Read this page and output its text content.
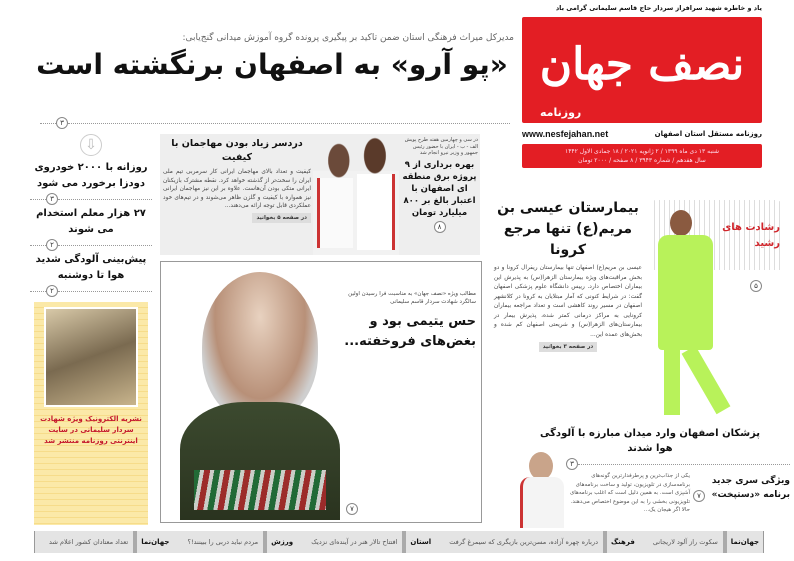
یاد و خاطره شهید سرافراز سردار حاج قاسم سلیمانی گرامی باد
نصف جهان
روزنامه
روزنامه مستقل استان اصفهان
www.nesfejahan.net
شنبه ۱۳ دی ماه ۱۳۹۹ / ۲ ژانویه ۲۰۲۱ / ۱۸ جمادی الاول ۱۴۴۲
سال هفدهم / شماره ۳۹۴۳ / ۸ صفحه / ۲۰۰۰ تومان
مدیرکل میراث فرهنگی استان ضمن تاکید بر پیگیری پرونده گروه آموزش میدانی گنج‌یابی:
«پو آرو» به اصفهان برنگشته است
۳
⇩
روزانه با ۲۰۰۰ خودروی دودزا برخورد می شود
۳
۲۷ هزار معلم استخدام می شوند
۲
پیش‌بینی آلودگی شدید هوا تا دوشنبه
۲
نشریه الکترونیک ویژه شهادت سردار سلیمانی در سایت اینترنتی روزنامه منتشر شد
دردسر زیاد بودن مهاجمان با کیفیت
کیفیت و تعداد بالای مهاجمان ایرانی کار سرمربی تیم ملی ایران را سخت‌تر از گذشته خواهد کرد. نقطه مشترک بازیکنان ایرانی متکی بودن آن‌هاست. علاوه بر این نیز مهاجمان ایرانی نیز همواره با کیفیت و گلزن ظاهر می‌شوند و در تیم‌های خود عملکردی قابل توجه ارائه می‌دهند...
در صفحه ۵ بخوانید
در سی و چهارمین هفته طرح پویش الف - ب - ایران با حضور رئیس جمهور و وزیر نیرو انجام شد
بهره برداری از ۹ پروژه برق منطقه ای اصفهان با اعتبار بالغ بر ۸۰۰ میلیارد تومان
۸
مطالب ویژه «نصف جهان» به مناسبت فرا رسیدن اولین سالگرد شهادت سردار قاسم سلیمانی
حس یتیمی بود و بغض‌های فروخفته...
۷
بیمارستان عیسی بن مریم(ع) تنها مرجع کرونا
عیسی بن مریم(ع) اصفهان تنها بیمارستان ریفرال کرونا و دو بخش مراقبت‌های ویژه بیمارستان الزهرا(س) به پذیرش این بیماران اختصاص دارد. رییس دانشگاه علوم پزشکی اصفهان گفت: در شرایط کنونی که آمار مبتلایان به کرونا در کلانشهر اصفهان در مسیر روند کاهشی است و تعداد مراجعه بیماران کرونایی به مراکز درمانی کمتر شده، پذیرش بیمار در بیمارستان‌های الزهرا(س) و شریعتی اصفهان کم شده و بخش‌های عمده این...
در صفحه ۳ بخوانید
رشادت های رشید
۵
پزشکان اصفهان وارد میدان مبارزه با آلودگی هوا شدند
۳
یکی از جذاب‌ترین و پرطرفدارترین گونه‌های برنامه‌سازی در تلویزیون، تولید و ساخت برنامه‌های آشپزی است. به همین دلیل است که اغلب برنامه‌های تلویزیونی بخشی را به این موضوع اختصاص می‌دهند. حالا اگر هیجان یک...
۷
ویژگی سری جدید برنامه «دستپخت»
جهان‌نما
سکوت راز آلود لاریجانی
فرهنگ
درباره چهره آزاده، مسن‌ترین بازیگری که سیمرغ گرفت
استان
افتتاح تالار هنر در آینده‌ای نزدیک
ورزش
مردم نباید دربی را ببینند!؟
جهان‌نما
تعداد معتادان کشور اعلام شد
